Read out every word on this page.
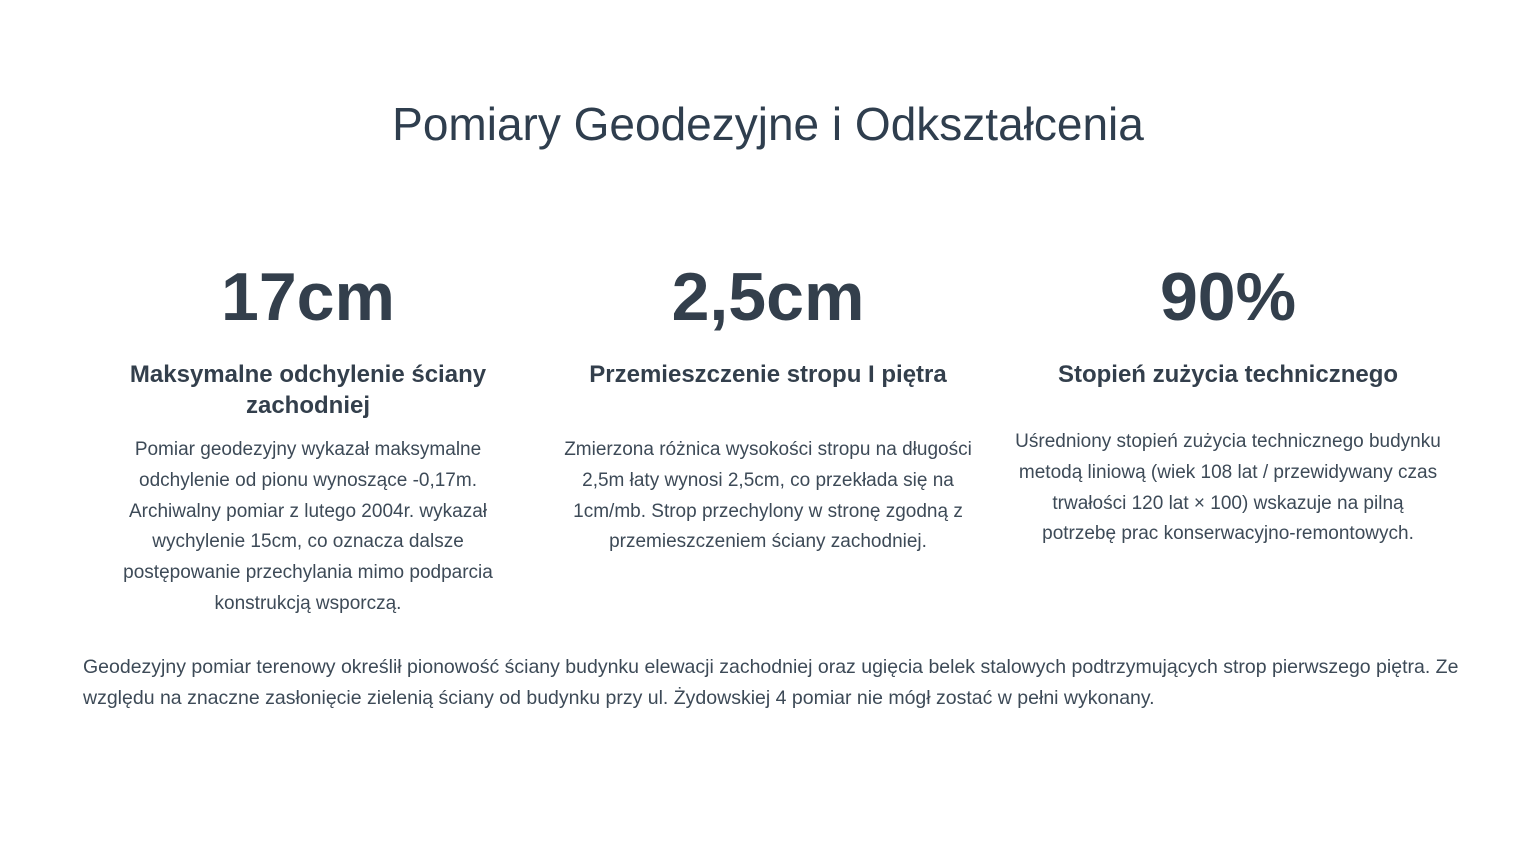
Pomiary Geodezyjne i Odkształcenia
17cm
Maksymalne odchylenie ściany zachodniej
Pomiar geodezyjny wykazał maksymalne odchylenie od pionu wynoszące -0,17m. Archiwalny pomiar z lutego 2004r. wykazał wychylenie 15cm, co oznacza dalsze postępowanie przechylania mimo podparcia konstrukcją wsporczą.
2,5cm
Przemieszczenie stropu I piętra
Zmierzona różnica wysokości stropu na długości 2,5m łaty wynosi 2,5cm, co przekłada się na 1cm/mb. Strop przechylony w stronę zgodną z przemieszczeniem ściany zachodniej.
90%
Stopień zużycia technicznego
Uśredniony stopień zużycia technicznego budynku metodą liniową (wiek 108 lat / przewidywany czas trwałości 120 lat × 100) wskazuje na pilną potrzebę prac konserwacyjno-remontowych.

Geodezyjny pomiar terenowy określił pionowość ściany budynku elewacji zachodniej oraz ugięcia belek stalowych podtrzymujących strop pierwszego piętra. Ze względu na znaczne zasłonięcie zielenią ściany od budynku przy ul. Żydowskiej 4 pomiar nie mógł zostać w pełni wykonany.
